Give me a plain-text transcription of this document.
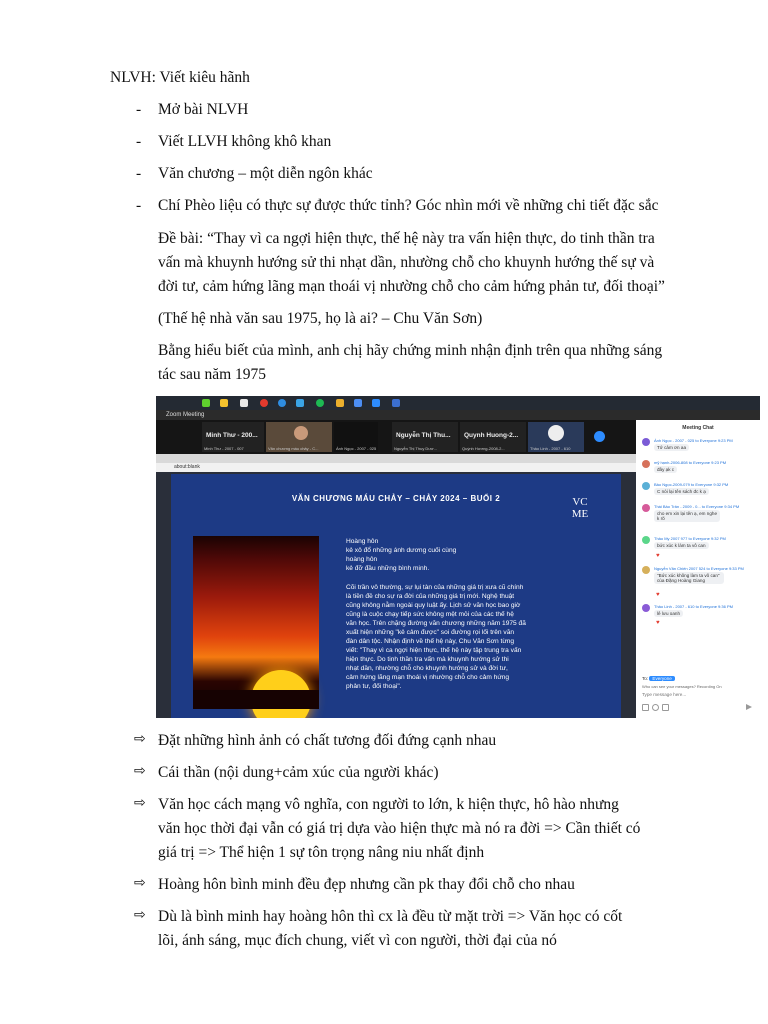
NLVH: Viết kiêu hãnh
- Mở bài NLVH
- Viết LLVH không khô khan
- Văn chương – một diễn ngôn khác
- Chí Phèo liệu có thực sự được thức tỉnh? Góc nhìn mới về những chi tiết đặc sắc
Đề bài: “Thay vì ca ngợi hiện thực, thế hệ này tra vấn hiện thực, do tinh thần tra
vấn mà khuynh hướng sử thi nhạt dần, nhường chỗ cho khuynh hướng thế sự và
đời tư, cảm hứng lãng mạn thoái vị nhường chỗ cho cảm hứng phản tư, đối thoại”
(Thế hệ nhà văn sau 1975, họ là ai? – Chu Văn Sơn)
Bằng hiểu biết của mình, anh chị hãy chứng minh nhận định trên qua những sáng
tác sau năm 1975
Zoom Meeting
Minh Thư - 200...
Minh Thư - 2007 - 007	Văn chương máu chảy - C...	Ánh Ngọc - 2007 - 025
Nguyễn Thị Thu...
Nguyễn Thị Thuy Dươ...
Quynh Huong-2...
Quỳnh Hương-2008-2...	Thảo Linh - 2007 - 610
about:blank
VĂN CHƯƠNG MÁU CHẢY – CHẢY 2024 – BUỔI 2	VC ME
Hoàng hôn
kẻ xô đổ những ánh dương cuối cùng
hoàng hôn
kẻ đỡ đầu những bình minh.
Cõi trần vô thường, sự lụi tàn của những giá trị xưa cũ chính
là tiền đề cho sự ra đời của những giá trị mới. Nghệ thuật
cũng không nằm ngoài quy luật ấy. Lịch sử văn học bao giờ
cũng là cuộc chạy tiếp sức không mệt mỏi của các thế hệ
văn học. Trên chặng đường văn chương những năm 1975 đã
xuất hiện những "kẻ cảm được" soi đường rọi lối trên văn
đàn dân tộc. Nhận định về thế hệ này, Chu Văn Sơn từng
viết: "Thay vì ca ngợi hiện thực, thế hệ này tập trung tra vấn
hiện thực. Do tinh thần tra vấn mà khuynh hướng sử thi
nhạt dần, nhường chỗ cho khuynh hướng sử và đời tư,
cảm hứng lãng mạn thoái vị nhường chỗ cho cảm hứng
phản tư, đối thoại".
Meeting Chat
Ánh Ngọc - 2007 - 025 to Everyone 9:23 PM
Tớ cảm ơn aa
mỹ hạnh-2006-808 to Everyone 9:23 PM
đây ạk c
Bảo Ngọc-2009-079 to Everyone 9:32 PM
C nói lại tên sách đc k ạ
Thái Bảo Trân - 2009 - 0... to Everyone 9:34 PM
cho em xin lại tên ạ, em nghe k rõ
Thảo My 2007 977 to Everyone 9:32 PM
bức xúc k làm ta vô can
♥
Nguyễn Văn Chiến 2007 524 to Everyone 9:33 PM
"Bức xúc không làm ta vô can" của Đặng Hoàng Giang
♥
Thảo Linh - 2007 - 610 to Everyone 9:36 PM
lê lưu oanh
♥
To: Everyone
Who can see your messages? Recording On
Type message here...
⇨ Đặt những hình ảnh có chất tương đối đứng cạnh nhau
⇨ Cái thần (nội dung+cảm xúc của người khác)
⇨ Văn học cách mạng vô nghĩa, con người to lớn, k hiện thực, hô hào nhưng
văn học thời đại vẫn có giá trị dựa vào hiện thực mà nó ra đời => Cần thiết có
giá trị => Thể hiện 1 sự tôn trọng nâng niu nhất định
⇨ Hoàng hôn bình minh đều đẹp nhưng cần pk thay đổi chỗ cho nhau
⇨ Dù là bình minh hay hoàng hôn thì cx là đều từ mặt trời => Văn học có cốt
lõi, ánh sáng, mục đích chung, viết vì con người, thời đại của nó
